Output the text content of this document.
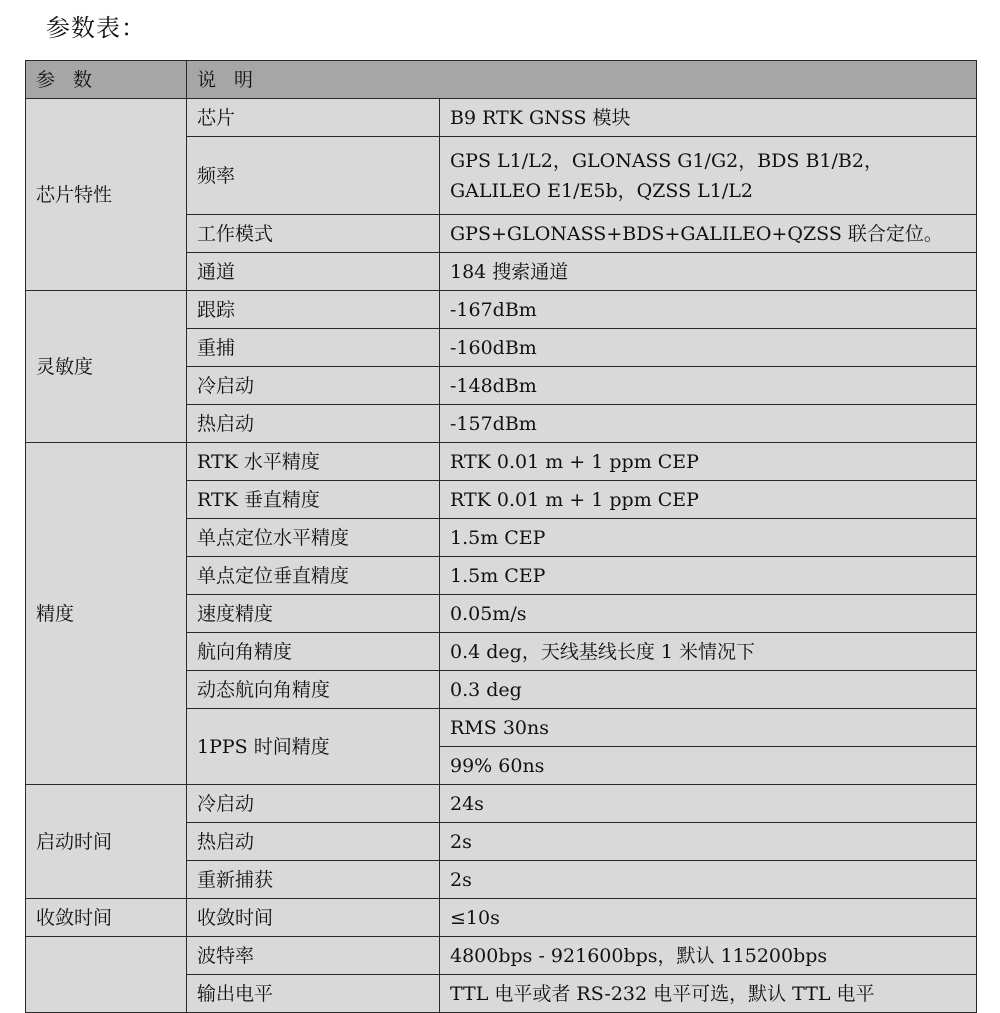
参数表：
参 数	说 明	
芯片特性	芯片	B9 RTK GNSS 模块
	频率	GPS L1/L2，GLONASS G1/G2，BDS B1/B2，GALILEO E1/E5b，QZSS L1/L2
	工作模式	GPS+GLONASS+BDS+GALILEO+QZSS 联合定位。
	通道	184 搜索通道
灵敏度	跟踪	-167dBm
	重捕	-160dBm
	冷启动	-148dBm
	热启动	-157dBm
精度	RTK 水平精度	RTK 0.01 m + 1 ppm CEP
	RTK 垂直精度	RTK 0.01 m + 1 ppm CEP
	单点定位水平精度	1.5m CEP
	单点定位垂直精度	1.5m CEP
	速度精度	0.05m/s
	航向角精度	0.4 deg，天线基线长度 1 米情况下
	动态航向角精度	0.3 deg
	1PPS 时间精度	RMS 30ns
		99% 60ns
启动时间	冷启动	24s
	热启动	2s
	重新捕获	2s
收敛时间	收敛时间	≤10s
	波特率	4800bps - 921600bps，默认 115200bps
	输出电平	TTL 电平或者 RS-232 电平可选，默认 TTL 电平
